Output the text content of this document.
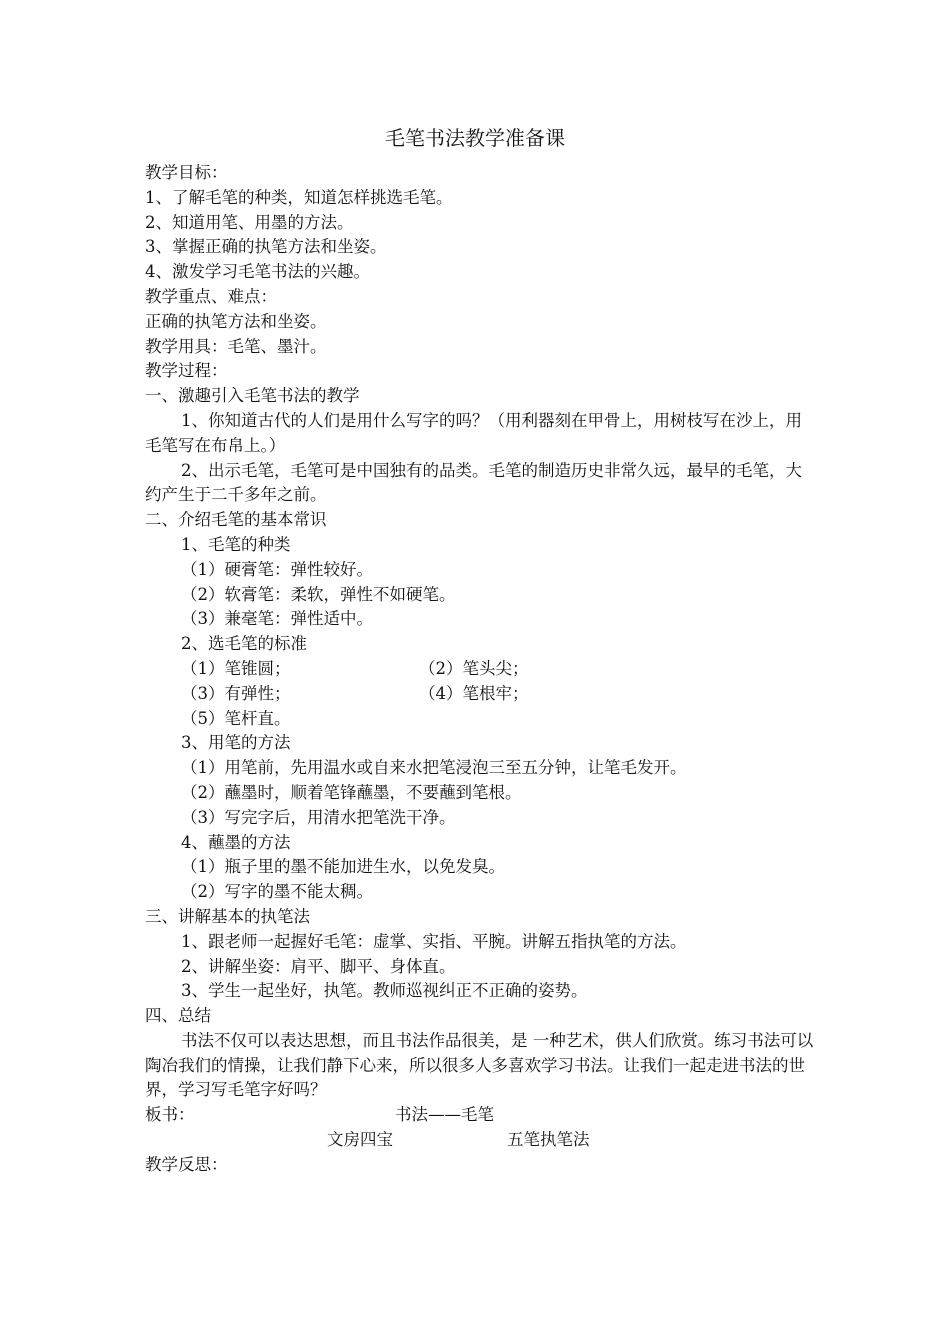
毛笔书法教学准备课
教学目标：
1、了解毛笔的种类，知道怎样挑选毛笔。
2、知道用笔、用墨的方法。
3、掌握正确的执笔方法和坐姿。
4、激发学习毛笔书法的兴趣。
教学重点、难点：
正确的执笔方法和坐姿。
教学用具：毛笔、墨汁。
教学过程：
一、激趣引入毛笔书法的教学
1、你知道古代的人们是用什么写字的吗？（用利器刻在甲骨上，用树枝写在沙上，用毛笔写在布帛上。）
2、出示毛笔，毛笔可是中国独有的品类。毛笔的制造历史非常久远，最早的毛笔，大约产生于二千多年之前。
二、介绍毛笔的基本常识
1、毛笔的种类
（1）硬膏笔：弹性较好。
（2）软膏笔：柔软，弹性不如硬笔。
（3）兼毫笔：弹性适中。
2、选毛笔的标准
（1）笔锥圆；	（2）笔头尖；
（3）有弹性；	（4）笔根牢；
（5）笔杆直。
3、用笔的方法
（1）用笔前，先用温水或自来水把笔浸泡三至五分钟，让笔毛发开。
（2）蘸墨时，顺着笔锋蘸墨，不要蘸到笔根。
（3）写完字后，用清水把笔洗干净。
4、蘸墨的方法
（1）瓶子里的墨不能加进生水，以免发臭。
（2）写字的墨不能太稠。
三、讲解基本的执笔法
1、跟老师一起握好毛笔：虚掌、实指、平腕。讲解五指执笔的方法。
2、讲解坐姿：肩平、脚平、身体直。
3、学生一起坐好，执笔。教师巡视纠正不正确的姿势。
四、总结
书法不仅可以表达思想，而且书法作品很美，是 一种艺术，供人们欣赏。练习书法可以陶冶我们的情操，让我们静下心来，所以很多人多喜欢学习书法。让我们一起走进书法的世界，学习写毛笔字好吗？
板书：	书法——毛笔
文房四宝	五笔执笔法
教学反思：
